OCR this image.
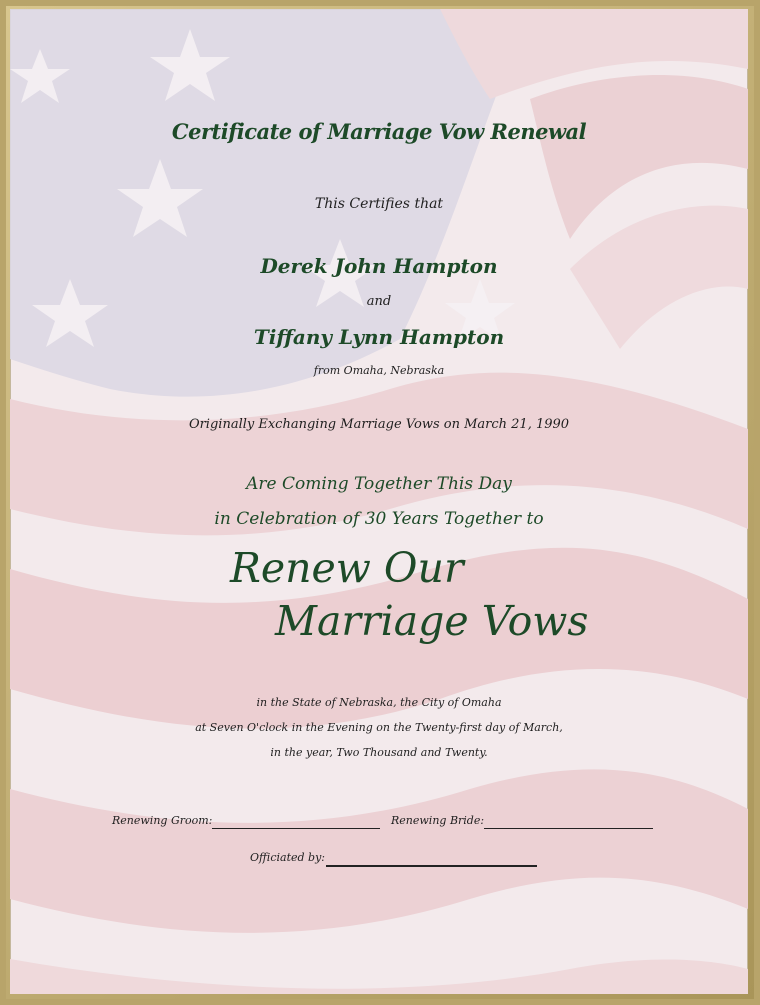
Certificate of Marriage Vow Renewal

This Certifies that

Derek John Hampton

and

Tiffany Lynn Hampton

from Omaha, Nebraska

Originally Exchanging Marriage Vows on March 21, 1990

Are Coming Together This Day

in Celebration of 30 Years Together to

Renew Our

Marriage Vows

in the State of Nebraska, the City of Omaha

at Seven O'clock in the Evening on the Twenty-first day of March,

in the year, Two Thousand and Twenty.

Renewing Groom:	Renewing Bride:
Officiated by:
